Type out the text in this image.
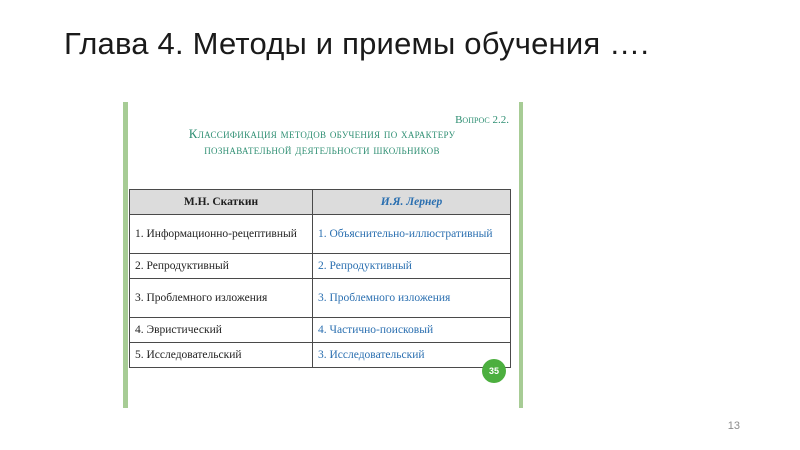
Глава 4. Методы и приемы обучения ….
Вопрос 2.2.
Классификация методов обучения по характеру
познавательной деятельности школьников
М.Н. Скаткин	И.Я. Лернер
1. Информационно-рецептивный	1. Объяснительно-иллюстративный
2. Репродуктивный	2. Репродуктивный
3. Проблемного изложения	3. Проблемного изложения
4. Эвристический	4. Частично-поисковый
5. Исследовательский	3. Исследовательский
35
13
